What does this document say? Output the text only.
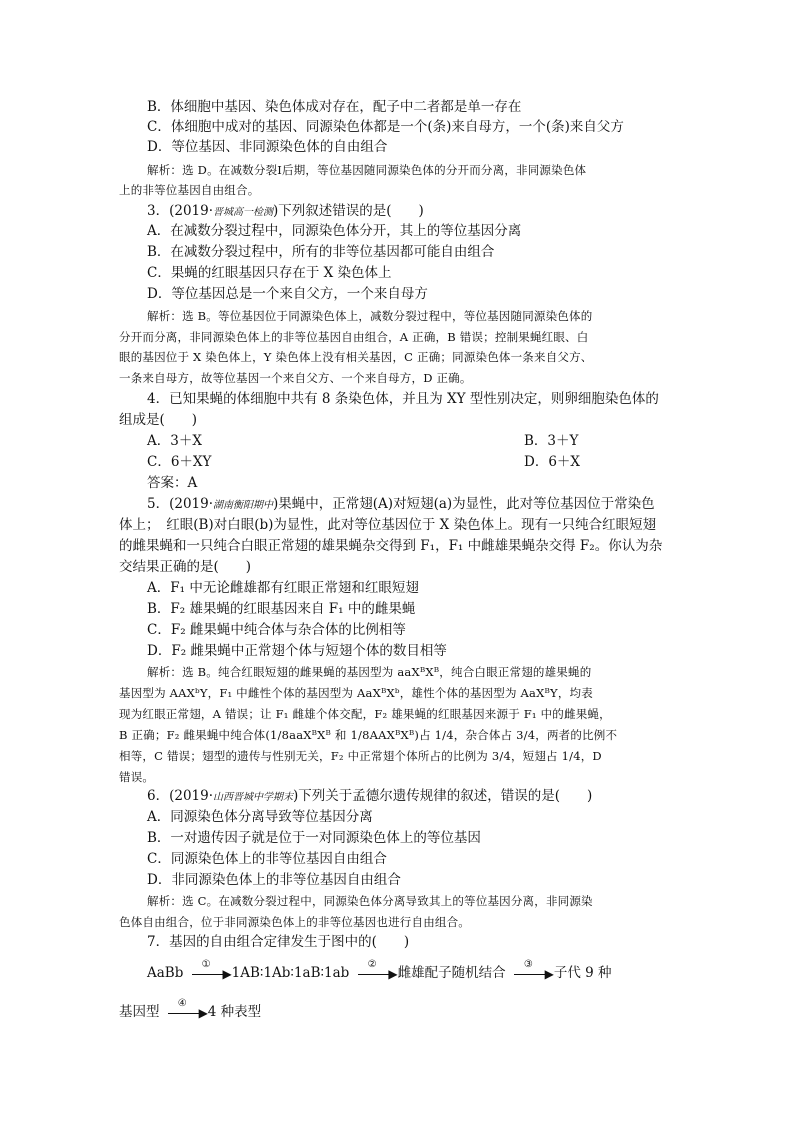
B．体细胞中基因、染色体成对存在，配子中二者都是单一存在
C．体细胞中成对的基因、同源染色体都是一个(条)来自母方，一个(条)来自父方
D．等位基因、非同源染色体的自由组合
解析：选 D。在减数分裂Ⅰ后期，等位基因随同源染色体的分开而分离，非同源染色体
上的非等位基因自由组合。
3．(2019·晋城高一检测)下列叙述错误的是(　　)
A．在减数分裂过程中，同源染色体分开，其上的等位基因分离
B．在减数分裂过程中，所有的非等位基因都可能自由组合
C．果蝇的红眼基因只存在于 X 染色体上
D．等位基因总是一个来自父方，一个来自母方
解析：选 B。等位基因位于同源染色体上，减数分裂过程中，等位基因随同源染色体的
分开而分离，非同源染色体上的非等位基因自由组合，A 正确，B 错误；控制果蝇红眼、白
眼的基因位于 X 染色体上，Y 染色体上没有相关基因，C 正确；同源染色体一条来自父方、
一条来自母方，故等位基因一个来自父方、一个来自母方，D 正确。
4．已知果蝇的体细胞中共有 8 条染色体，并且为 XY 型性别决定，则卵细胞染色体的
组成是(　　)
A．3＋X	B．3＋Y
C．6＋XY	D．6＋X
答案：A
5．(2019·湖南衡阳期中)果蝇中，正常翅(A)对短翅(a)为显性，此对等位基因位于常染色
体上；　红眼(B)对白眼(b)为显性，此对等位基因位于 X 染色体上。现有一只纯合红眼短翅
的雌果蝇和一只纯合白眼正常翅的雄果蝇杂交得到 F₁，F₁ 中雌雄果蝇杂交得 F₂。你认为杂
交结果正确的是(　　)
A．F₁ 中无论雌雄都有红眼正常翅和红眼短翅
B．F₂ 雄果蝇的红眼基因来自 F₁ 中的雌果蝇
C．F₂ 雌果蝇中纯合体与杂合体的比例相等
D．F₂ 雌果蝇中正常翅个体与短翅个体的数目相等
解析：选 B。纯合红眼短翅的雌果蝇的基因型为 aaXᴮXᴮ，纯合白眼正常翅的雄果蝇的
基因型为 AAXᵇY，F₁ 中雌性个体的基因型为 AaXᴮXᵇ，雄性个体的基因型为 AaXᴮY，均表
现为红眼正常翅，A 错误；让 F₁ 雌雄个体交配，F₂ 雄果蝇的红眼基因来源于 F₁ 中的雌果蝇，
B 正确；F₂ 雌果蝇中纯合体(1/8aaXᴮXᴮ 和 1/8AAXᴮXᴮ)占 1/4，杂合体占 3/4，两者的比例不
相等，C 错误；翅型的遗传与性别无关，F₂ 中正常翅个体所占的比例为 3/4，短翅占 1/4，D
错误。
6．(2019·山西晋城中学期末)下列关于孟德尔遗传规律的叙述，错误的是(　　)
A．同源染色体分离导致等位基因分离
B．一对遗传因子就是位于一对同源染色体上的等位基因
C．同源染色体上的非等位基因自由组合
D．非同源染色体上的非等位基因自由组合
解析：选 C。在减数分裂过程中，同源染色体分离导致其上的等位基因分离，非同源染
色体自由组合，位于非同源染色体上的非等位基因也进行自由组合。
7．基因的自由组合定律发生于图中的(　　)
AaBb
①
▶ 1AB∶1Ab∶1aB∶1ab
②
▶ 雌雄配子随机结合
③
▶ 子代 9 种
基因型
④
▶ 4 种表型
